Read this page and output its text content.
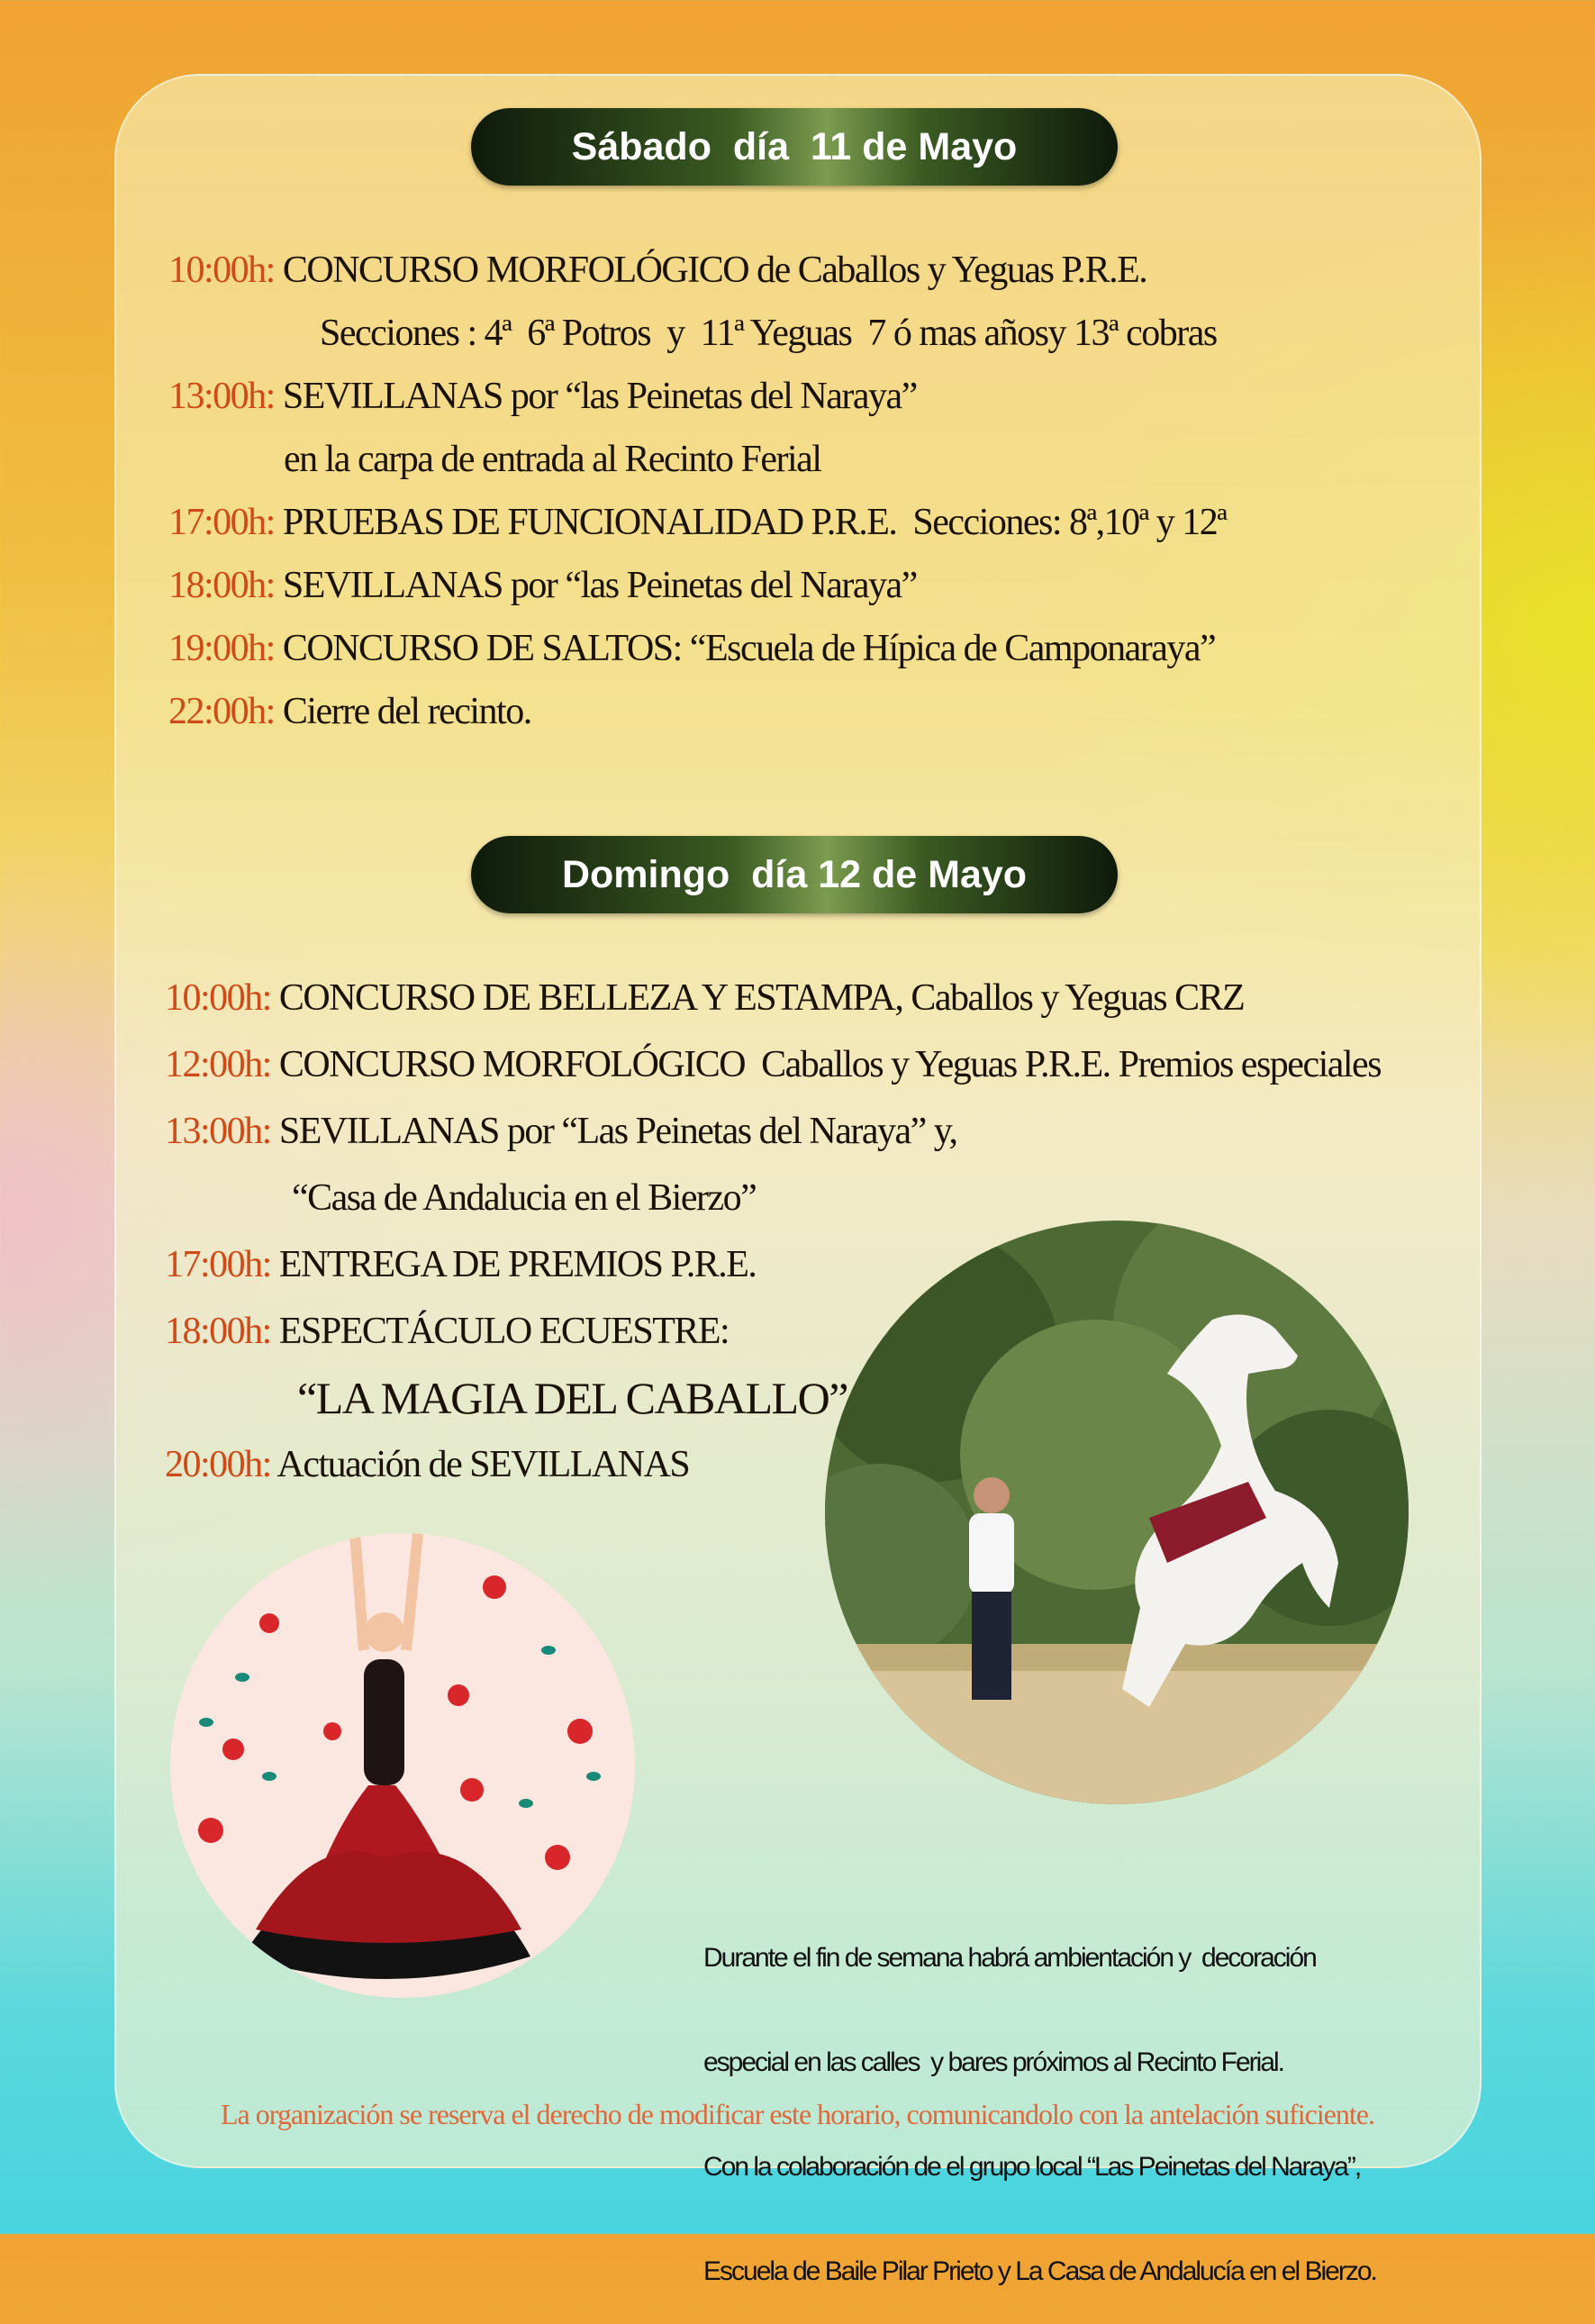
Sábado  día  11 de Mayo
10:00h: CONCURSO MORFOLÓGICO de Caballos y Yeguas P.R.E.
Secciones : 4ª  6ª Potros  y  11ª Yeguas  7 ó mas añosy 13ª cobras
13:00h: SEVILLANAS por “las Peinetas del Naraya”
en la carpa de entrada al Recinto Ferial
17:00h: PRUEBAS DE FUNCIONALIDAD P.R.E.  Secciones: 8ª,10ª y 12ª
18:00h: SEVILLANAS por “las Peinetas del Naraya”
19:00h: CONCURSO DE SALTOS: “Escuela de Hípica de Camponaraya”
22:00h: Cierre del recinto.
Domingo  día 12 de Mayo
10:00h: CONCURSO DE BELLEZA Y ESTAMPA, Caballos y Yeguas CRZ
12:00h: CONCURSO MORFOLÓGICO  Caballos y Yeguas P.R.E. Premios especiales
13:00h: SEVILLANAS por “Las Peinetas del Naraya” y,
“Casa de Andalucia en el Bierzo”
17:00h: ENTREGA DE PREMIOS P.R.E.
18:00h: ESPECTÁCULO ECUESTRE:
“LA MAGIA DEL CABALLO”
20:00h: Actuación de SEVILLANAS

Durante el fin de semana habrá ambientación y  decoración

especial en las calles  y bares próximos al Recinto Ferial.

Con la colaboración de el grupo local “Las Peinetas del Naraya”,

Escuela de Baile Pilar Prieto y La Casa de Andalucía en el Bierzo.

La organización se reserva el derecho de modificar este horario, comunicandolo con la antelación suficiente.
